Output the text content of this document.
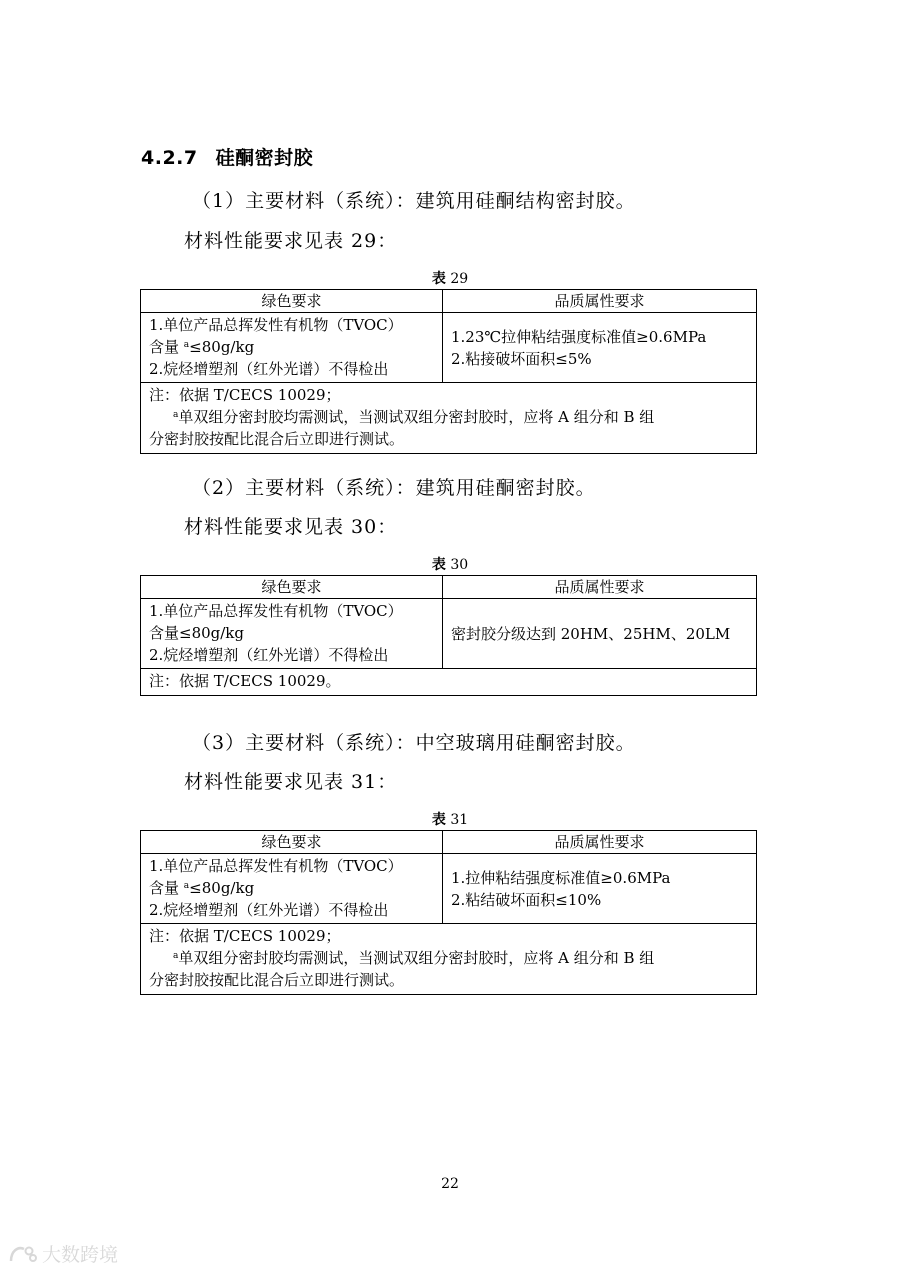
4.2.7 硅酮密封胶
（1）主要材料（系统）：建筑用硅酮结构密封胶。
材料性能要求见表 29：
表 29
绿色要求	品质属性要求

1.单位产品总挥发性有机物（TVOC）
含量 $^a$≤80g/kg
2.烷烃增塑剂（红外光谱）不得检出	1.23℃拉伸粘结强度标准值≥0.6MPa
2.粘接破坏面积≤5%

注：依据 T/CECS 10029；
$^a$单双组分密封胶均需测试，当测试双组分密封胶时，应将 A 组分和 B 组
分密封胶按配比混合后立即进行测试。	
（2）主要材料（系统）：建筑用硅酮密封胶。
材料性能要求见表 30：
表 30
绿色要求	品质属性要求

1.单位产品总挥发性有机物（TVOC）
含量≤80g/kg
2.烷烃增塑剂（红外光谱）不得检出	密封胶分级达到 20HM、25HM、20LM

注：依据 T/CECS 10029。	
（3）主要材料（系统）：中空玻璃用硅酮密封胶。
材料性能要求见表 31：
表 31
绿色要求	品质属性要求

1.单位产品总挥发性有机物（TVOC）
含量 $^a$≤80g/kg
2.烷烃增塑剂（红外光谱）不得检出	1.拉伸粘结强度标准值≥0.6MPa
2.粘结破坏面积≤10%

注：依据 T/CECS 10029；
$^a$单双组分密封胶均需测试，当测试双组分密封胶时，应将 A 组分和 B 组
分密封胶按配比混合后立即进行测试。	
22
大数跨境
